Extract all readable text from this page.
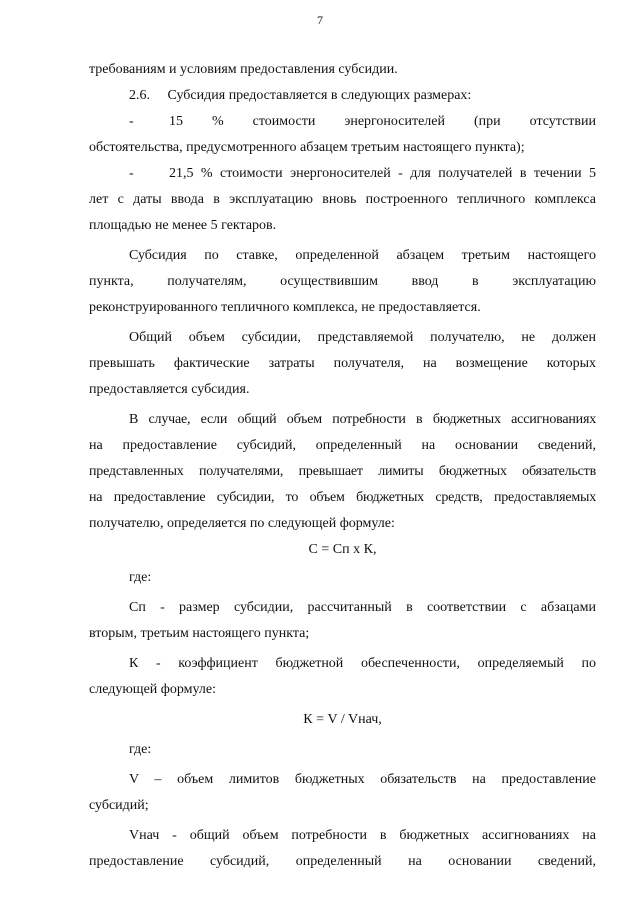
7

требованиям и условиям предоставления субсидии.

2.6.     Субсидия предоставляется в следующих размерах:

-	15 % стоимости энергоносителей (при отсутствии

обстоятельства, предусмотренного абзацем третьим настоящего пункта);

-	21,5 % стоимости энергоносителей - для получателей в течении 5

лет с даты ввода в эксплуатацию вновь построенного тепличного комплекса

площадью не менее 5 гектаров.

Субсидия по ставке, определенной абзацем третьим настоящего

пункта, получателям, осуществившим ввод в эксплуатацию

реконструированного тепличного комплекса, не предоставляется.

Общий объем субсидии, представляемой получателю, не должен

превышать фактические затраты получателя, на возмещение которых

предоставляется субсидия.

В случае, если общий объем потребности в бюджетных ассигнованиях

на предоставление субсидий, определенный на основании сведений,

представленных получателями, превышает лимиты бюджетных обязательств

на предоставление субсидии, то объем бюджетных средств, предоставляемых

получателю, определяется по следующей формуле:

С = Сп х К,

где:

Сп - размер субсидии, рассчитанный в соответствии с абзацами

вторым, третьим настоящего пункта;

К - коэффициент бюджетной обеспеченности, определяемый по

следующей формуле:

К = V / Vнач,

где:

V – объем лимитов бюджетных обязательств на предоставление

субсидий;

Vнач - общий объем потребности в бюджетных ассигнованиях на

предоставление субсидий, определенный на основании сведений,
